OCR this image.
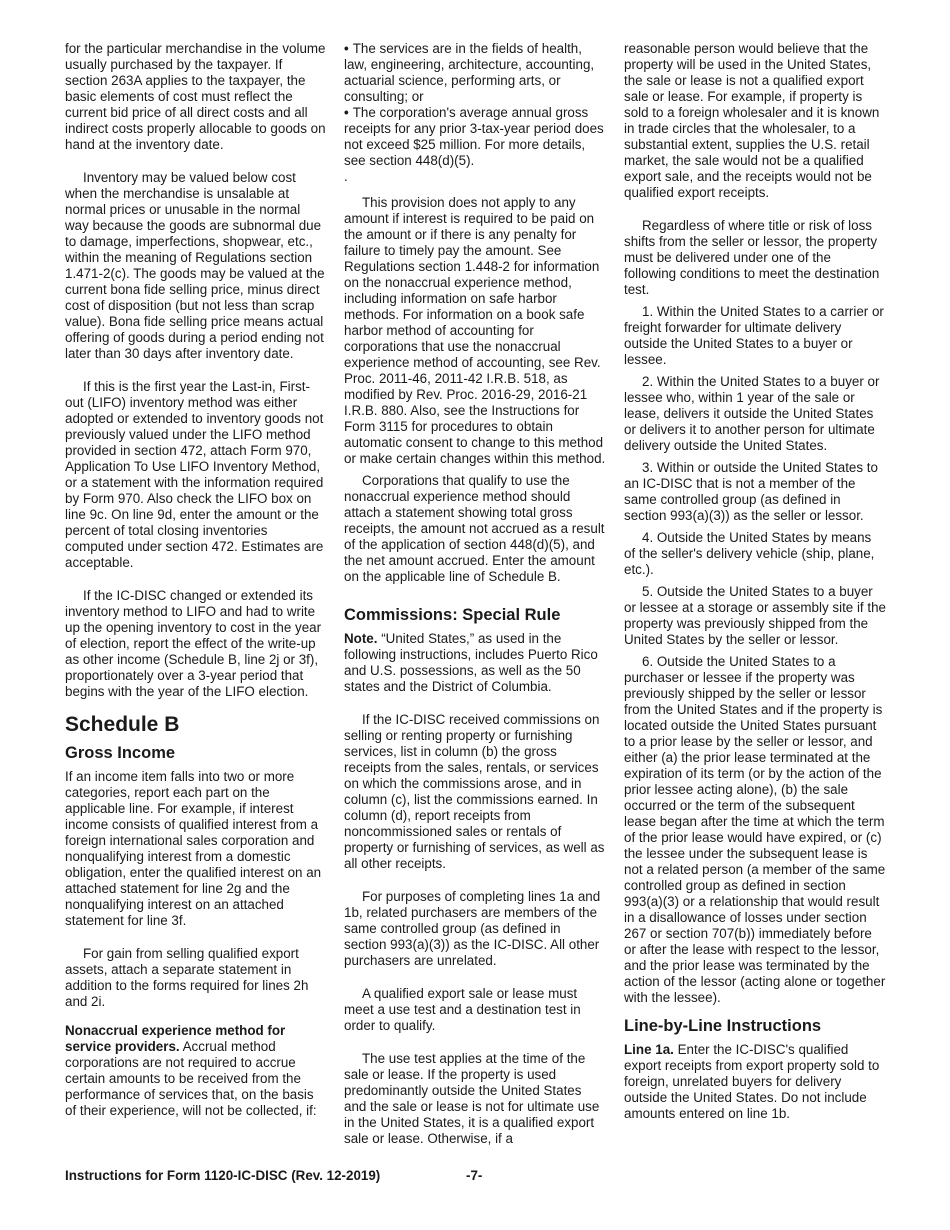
for the particular merchandise in the volume usually purchased by the taxpayer. If section 263A applies to the taxpayer, the basic elements of cost must reflect the current bid price of all direct costs and all indirect costs properly allocable to goods on hand at the inventory date.

Inventory may be valued below cost when the merchandise is unsalable at normal prices or unusable in the normal way because the goods are subnormal due to damage, imperfections, shopwear, etc., within the meaning of Regulations section 1.471-2(c). The goods may be valued at the current bona fide selling price, minus direct cost of disposition (but not less than scrap value). Bona fide selling price means actual offering of goods during a period ending not later than 30 days after inventory date.

If this is the first year the Last-in, First-out (LIFO) inventory method was either adopted or extended to inventory goods not previously valued under the LIFO method provided in section 472, attach Form 970, Application To Use LIFO Inventory Method, or a statement with the information required by Form 970. Also check the LIFO box on line 9c. On line 9d, enter the amount or the percent of total closing inventories computed under section 472. Estimates are acceptable.

If the IC-DISC changed or extended its inventory method to LIFO and had to write up the opening inventory to cost in the year of election, report the effect of the write-up as other income (Schedule B, line 2j or 3f), proportionately over a 3-year period that begins with the year of the LIFO election.

Schedule B
Gross Income

If an income item falls into two or more categories, report each part on the applicable line. For example, if interest income consists of qualified interest from a foreign international sales corporation and nonqualifying interest from a domestic obligation, enter the qualified interest on an attached statement for line 2g and the nonqualifying interest on an attached statement for line 3f.

For gain from selling qualified export assets, attach a separate statement in addition to the forms required for lines 2h and 2i.

Nonaccrual experience method for service providers. Accrual method corporations are not required to accrue certain amounts to be received from the performance of services that, on the basis of their experience, will not be collected, if:

• The services are in the fields of health, law, engineering, architecture, accounting, actuarial science, performing arts, or consulting; or

• The corporation's average annual gross receipts for any prior 3-tax-year period does not exceed $25 million. For more details, see section 448(d)(5).

.

This provision does not apply to any amount if interest is required to be paid on the amount or if there is any penalty for failure to timely pay the amount. See Regulations section 1.448-2 for information on the nonaccrual experience method, including information on safe harbor methods. For information on a book safe harbor method of accounting for corporations that use the nonaccrual experience method of accounting, see Rev. Proc. 2011-46, 2011-42 I.R.B. 518, as modified by Rev. Proc. 2016-29, 2016-21 I.R.B. 880. Also, see the Instructions for Form 3115 for procedures to obtain automatic consent to change to this method or make certain changes within this method.

Corporations that qualify to use the nonaccrual experience method should attach a statement showing total gross receipts, the amount not accrued as a result of the application of section 448(d)(5), and the net amount accrued. Enter the amount on the applicable line of Schedule B.

Commissions: Special Rule

Note. “United States,” as used in the following instructions, includes Puerto Rico and U.S. possessions, as well as the 50 states and the District of Columbia.

If the IC-DISC received commissions on selling or renting property or furnishing services, list in column (b) the gross receipts from the sales, rentals, or services on which the commissions arose, and in column (c), list the commissions earned. In column (d), report receipts from noncommissioned sales or rentals of property or furnishing of services, as well as all other receipts.

For purposes of completing lines 1a and 1b, related purchasers are members of the same controlled group (as defined in section 993(a)(3)) as the IC-DISC. All other purchasers are unrelated.

A qualified export sale or lease must meet a use test and a destination test in order to qualify.

The use test applies at the time of the sale or lease. If the property is used predominantly outside the United States and the sale or lease is not for ultimate use in the United States, it is a qualified export sale or lease. Otherwise, if a

reasonable person would believe that the property will be used in the United States, the sale or lease is not a qualified export sale or lease. For example, if property is sold to a foreign wholesaler and it is known in trade circles that the wholesaler, to a substantial extent, supplies the U.S. retail market, the sale would not be a qualified export sale, and the receipts would not be qualified export receipts.

Regardless of where title or risk of loss shifts from the seller or lessor, the property must be delivered under one of the following conditions to meet the destination test.

1. Within the United States to a carrier or freight forwarder for ultimate delivery outside the United States to a buyer or lessee.

2. Within the United States to a buyer or lessee who, within 1 year of the sale or lease, delivers it outside the United States or delivers it to another person for ultimate delivery outside the United States.

3. Within or outside the United States to an IC-DISC that is not a member of the same controlled group (as defined in section 993(a)(3)) as the seller or lessor.

4. Outside the United States by means of the seller's delivery vehicle (ship, plane, etc.).

5. Outside the United States to a buyer or lessee at a storage or assembly site if the property was previously shipped from the United States by the seller or lessor.

6. Outside the United States to a purchaser or lessee if the property was previously shipped by the seller or lessor from the United States and if the property is located outside the United States pursuant to a prior lease by the seller or lessor, and either (a) the prior lease terminated at the expiration of its term (or by the action of the prior lessee acting alone), (b) the sale occurred or the term of the subsequent lease began after the time at which the term of the prior lease would have expired, or (c) the lessee under the subsequent lease is not a related person (a member of the same controlled group as defined in section 993(a)(3) or a relationship that would result in a disallowance of losses under section 267 or section 707(b)) immediately before or after the lease with respect to the lessor, and the prior lease was terminated by the action of the lessor (acting alone or together with the lessee).

Line-by-Line Instructions

Line 1a. Enter the IC-DISC's qualified export receipts from export property sold to foreign, unrelated buyers for delivery outside the United States. Do not include amounts entered on line 1b.

Instructions for Form 1120-IC-DISC (Rev. 12-2019)	-7-
